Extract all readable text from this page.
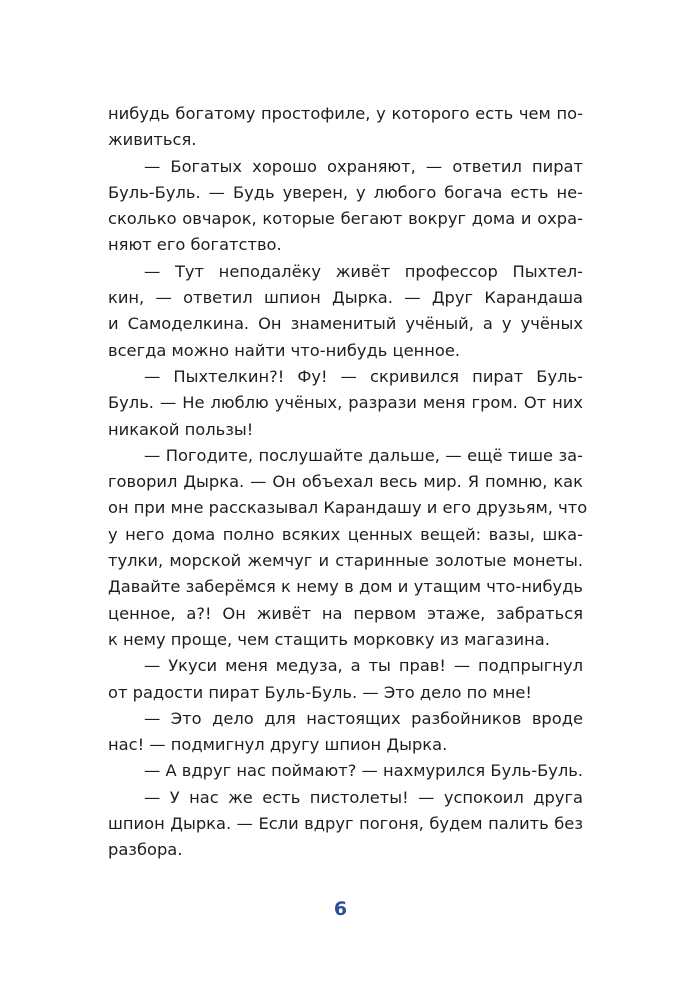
нибудь богатому простофиле, у которого есть чем по-
живиться.
— Богатых хорошо охраняют, — ответил пират
Буль-Буль. — Будь уверен, у любого богача есть не-
сколько овчарок, которые бегают вокруг дома и охра-
няют его богатство.
— Тут неподалёку живёт профессор Пыхтел-
кин, — ответил шпион Дырка. — Друг Карандаша
и Самоделкина. Он знаменитый учёный, а у учёных
всегда можно найти что-нибудь ценное.
— Пыхтелкин?! Фу! — скривился пират Буль-
Буль. — Не люблю учёных, разрази меня гром. От них
никакой пользы!
— Погодите, послушайте дальше, — ещё тише за-
говорил Дырка. — Он объехал весь мир. Я помню, как
он при мне рассказывал Карандашу и его друзьям, что
у него дома полно всяких ценных вещей: вазы, шка-
тулки, морской жемчуг и старинные золотые монеты.
Давайте заберёмся к нему в дом и утащим что-нибудь
ценное, а?! Он живёт на первом этаже, забраться
к нему проще, чем стащить морковку из магазина.
— Укуси меня медуза, а ты прав! — подпрыгнул
от радости пират Буль-Буль. — Это дело по мне!
— Это дело для настоящих разбойников вроде
нас! — подмигнул другу шпион Дырка.
— А вдруг нас поймают? — нахмурился Буль-Буль.
— У нас же есть пистолеты! — успокоил друга
шпион Дырка. — Если вдруг погоня, будем палить без
разбора.
6
